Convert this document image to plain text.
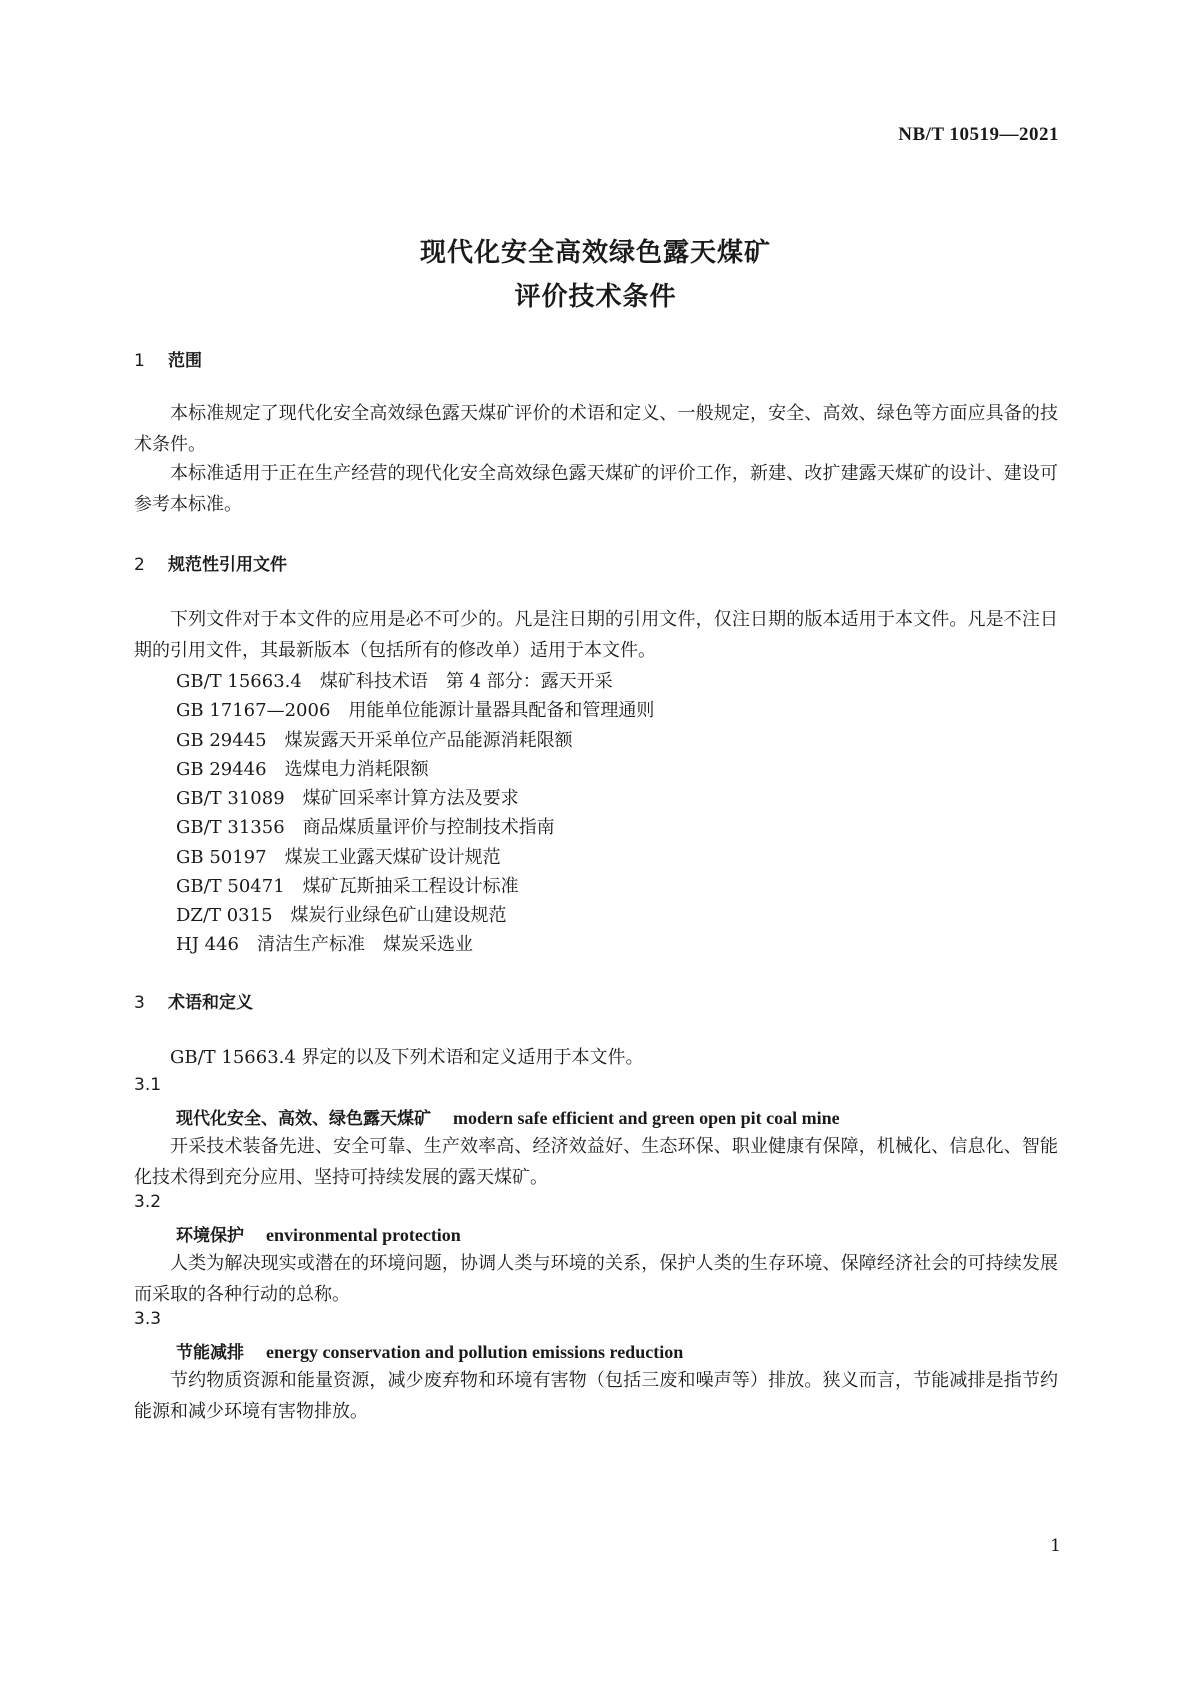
NB/T 10519—2021
现代化安全高效绿色露天煤矿
评价技术条件
1 范围
本标准规定了现代化安全高效绿色露天煤矿评价的术语和定义、一般规定，安全、高效、绿色等方面应具备的技术条件。
本标准适用于正在生产经营的现代化安全高效绿色露天煤矿的评价工作，新建、改扩建露天煤矿的设计、建设可参考本标准。
2 规范性引用文件
下列文件对于本文件的应用是必不可少的。凡是注日期的引用文件，仅注日期的版本适用于本文件。凡是不注日期的引用文件，其最新版本（包括所有的修改单）适用于本文件。
GB/T 15663.4 煤矿科技术语　第 4 部分：露天开采
GB 17167—2006 用能单位能源计量器具配备和管理通则
GB 29445 煤炭露天开采单位产品能源消耗限额
GB 29446 选煤电力消耗限额
GB/T 31089 煤矿回采率计算方法及要求
GB/T 31356 商品煤质量评价与控制技术指南
GB 50197 煤炭工业露天煤矿设计规范
GB/T 50471 煤矿瓦斯抽采工程设计标准
DZ/T 0315 煤炭行业绿色矿山建设规范
HJ 446 清洁生产标准　煤炭采选业
3 术语和定义
GB/T 15663.4 界定的以及下列术语和定义适用于本文件。
3.1
现代化安全、高效、绿色露天煤矿 modern safe efficient and green open pit coal mine
开采技术装备先进、安全可靠、生产效率高、经济效益好、生态环保、职业健康有保障，机械化、信息化、智能化技术得到充分应用、坚持可持续发展的露天煤矿。
3.2
环境保护 environmental protection
人类为解决现实或潜在的环境问题，协调人类与环境的关系，保护人类的生存环境、保障经济社会的可持续发展而采取的各种行动的总称。
3.3
节能减排 energy conservation and pollution emissions reduction
节约物质资源和能量资源，减少废弃物和环境有害物（包括三废和噪声等）排放。狭义而言，节能减排是指节约能源和减少环境有害物排放。
1
